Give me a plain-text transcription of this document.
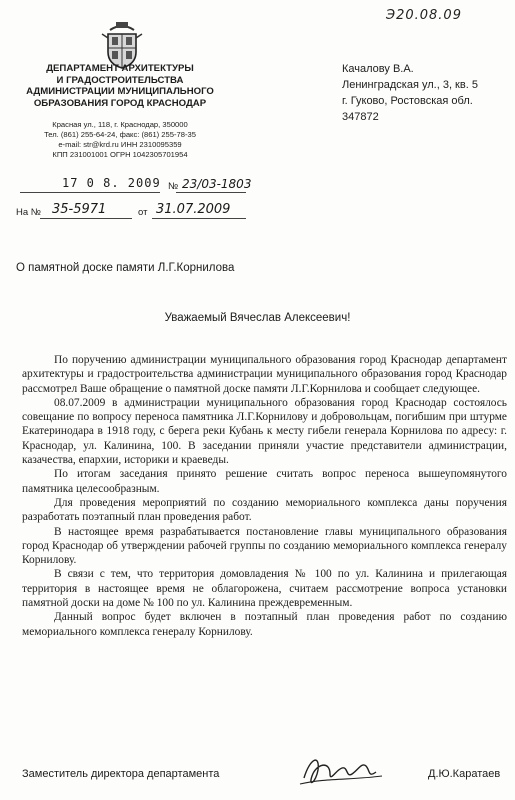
Э20.08.09
ДЕПАРТАМЕНТ АРХИТЕКТУРЫ
И ГРАДОСТРОИТЕЛЬСТВА
АДМИНИСТРАЦИИ МУНИЦИПАЛЬНОГО
ОБРАЗОВАНИЯ ГОРОД КРАСНОДАР
Красная ул., 118, г. Краснодар, 350000
Тел. (861) 255-64-24, факс: (861) 255-78-35
e-mail: str@krd.ru ИНН 2310095359
КПП 231001001 ОГРН 1042305701954
Качалову В.А.
Ленинградская ул., 3, кв. 5
г. Гуково, Ростовская обл.
347872
17 0 8. 2009 № 23/03-1803
На № 35-5971	от 31.07.2009
О памятной доске памяти Л.Г.Корнилова
Уважаемый Вячеслав Алексеевич!

По поручению администрации муниципального образования город Краснодар департамент архитектуры и градостроительства администрации муниципального образования город Краснодар рассмотрел Ваше обращение о памятной доске памяти Л.Г.Корнилова и сообщает следующее.

08.07.2009 в администрации муниципального образования город Краснодар состоялось совещание по вопросу переноса памятника Л.Г.Корнилову и добровольцам, погибшим при штурме Екатеринодара в 1918 году, с берега реки Кубань к месту гибели генерала Корнилова по адресу: г. Краснодар, ул. Калинина, 100. В заседании приняли участие представители администрации, казачества, епархии, историки и краеведы.

По итогам заседания принято решение считать вопрос переноса вышеупомянутого памятника целесообразным.

Для проведения мероприятий по созданию мемориального комплекса даны поручения разработать поэтапный план проведения работ.

В настоящее время разрабатывается постановление главы муниципального образования город Краснодар об утверждении рабочей группы по созданию мемориального комплекса генералу Корнилову.

В связи с тем, что территория домовладения № 100 по ул. Калинина и прилегающая территория в настоящее время не облагорожена, считаем рассмотрение вопроса установки памятной доски на доме № 100 по ул. Калинина преждевременным.

Данный вопрос будет включен в поэтапный план проведения работ по созданию мемориального комплекса генералу Корнилову.

Заместитель директора департамента	Д.Ю.Каратаев
